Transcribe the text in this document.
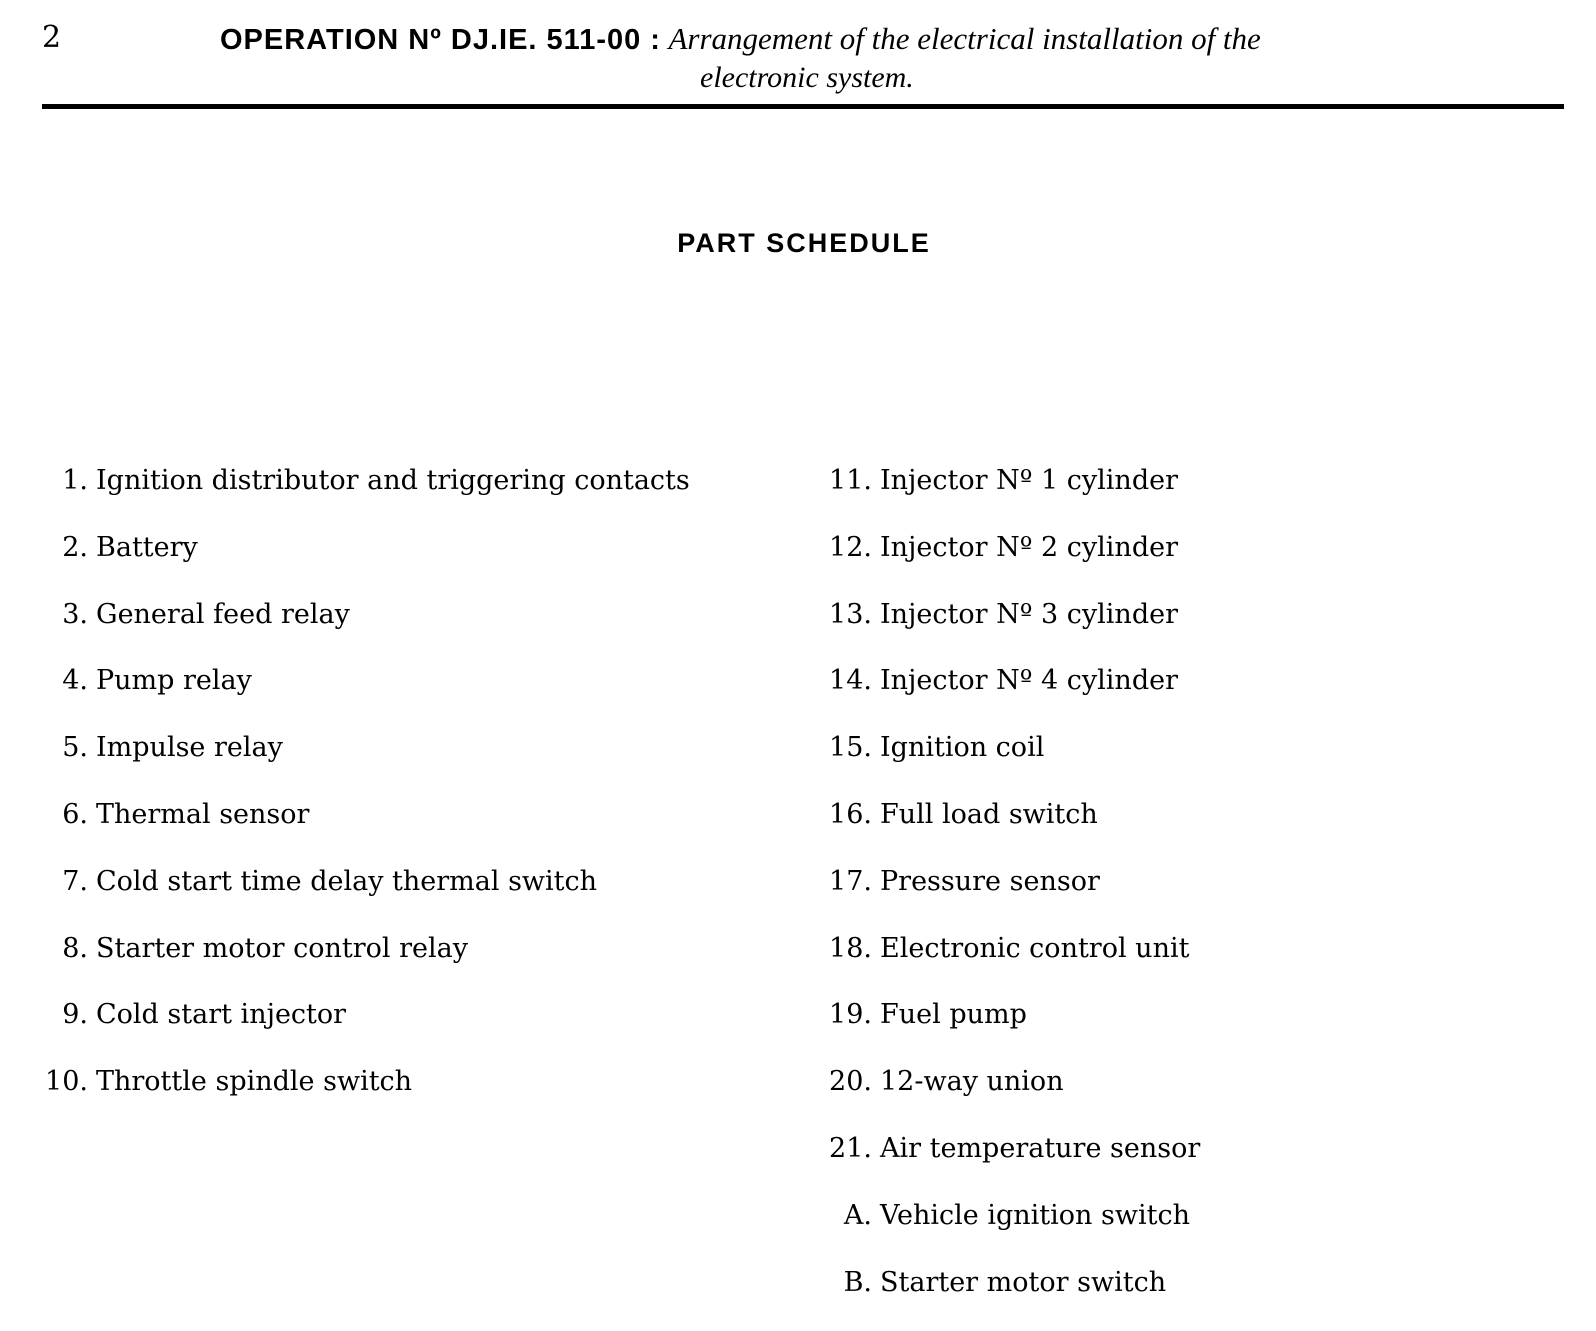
2	OPERATION Nº DJ.IE. 511-00 : Arrangement of the electrical installation of the
electronic system.
PART SCHEDULE
1. Ignition distributor and triggering contacts
2. Battery
3. General feed relay
4. Pump relay
5. Impulse relay
6. Thermal sensor
7. Cold start time delay thermal switch
8. Starter motor control relay
9. Cold start injector
10. Throttle spindle switch
11. Injector Nº 1 cylinder
12. Injector Nº 2 cylinder
13. Injector Nº 3 cylinder
14. Injector Nº 4 cylinder
15. Ignition coil
16. Full load switch
17. Pressure sensor
18. Electronic control unit
19. Fuel pump
20. 12-way union
21. Air temperature sensor
A. Vehicle ignition switch
B. Starter motor switch
